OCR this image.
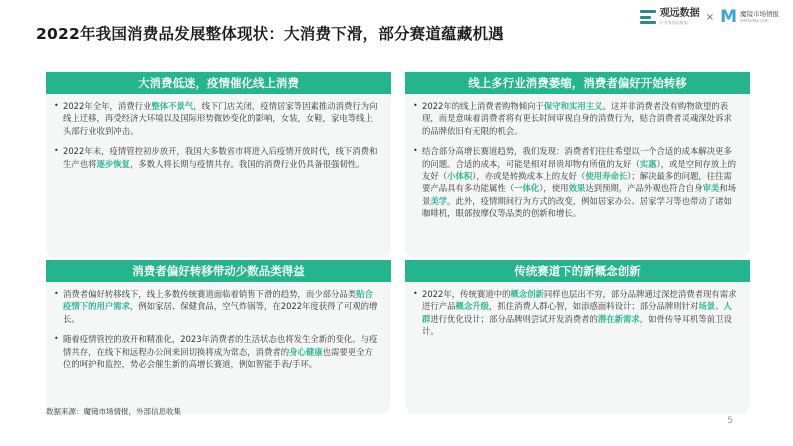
2022年我国消费品发展整体现状：大消费下滑，部分赛道蕴藏机遇
观远数据
让业务用起数据	× M 魔镜市场情报
mktindex.com
大消费低迷，疫情催化线上消费
• 2022年全年，消费行业整体不景气，线下门店关闭，疫情居家等因素推动消费行为向线上迁移，再受经济大环境以及国际形势微妙变化的影响，女装，女鞋，家电等线上头部行业收到冲击。
• 2022年末，疫情管控初步放开，我国大多数省市将进入后疫情开放时代，线下消费和生产也将逐步恢复，多数人将长期与疫情共存。我国的消费行业仍具备很强韧性。
线上多行业消费萎缩，消费者偏好开始转移
• 2022年的线上消费者购物倾向于保守和实用主义。这并非消费者没有购物欲望的表现，而是意味着消费者将有更长时间审视自身的消费行为，贴合消费者灵魂深处诉求的品牌依旧有无限的机会。
• 结合部分高增长赛道趋势，我们发现：消费者们往往希望以一个合适的成本解决更多的问题。合适的成本，可能是相对昂贵却物有所值的友好（实惠），或是空间存放上的友好（小体积），亦或是转换成本上的友好（使用寿命长）；解决最多的问题，往往需要产品具有多功能属性（一体化），使用效果达到预期，产品外观也符合自身审美和场景美学。此外，疫情期间行为方式的改变，例如居家办公、居家学习等也带动了诸如咖啡机，眼部按摩仪等品类的创新和增长。
消费者偏好转移带动少数品类得益
• 消费者偏好转移线下，线上多数传统赛道面临着销售下滑的趋势，而少部分品类贴合疫情下的用户需求，例如家居、保健食品，空气炸锅等，在2022年度获得了可观的增长。
• 随着疫情管控的放开和精准化，2023年消费者的生活状态也将发生全新的变化。与疫情共存，在线下和远程办公间来回切换将成为常态，消费者的身心健康也需要更全方位的呵护和监控，势必会催生新的高增长赛道，例如智能手表/手环。
传统赛道下的新概念创新
• 2022年，传统赛道中的概念创新同样也层出不穷，部分品牌通过深挖消费者现有需求进行产品概念升级，抓住消费人群心智，如添感面料设计；部分品牌则针对场景、人群进行优化设计；部分品牌则尝试开发消费者的潜在新需求，如骨传导耳机等前卫设计。
数据来源：魔镜市场情报，外部信息收集
5
